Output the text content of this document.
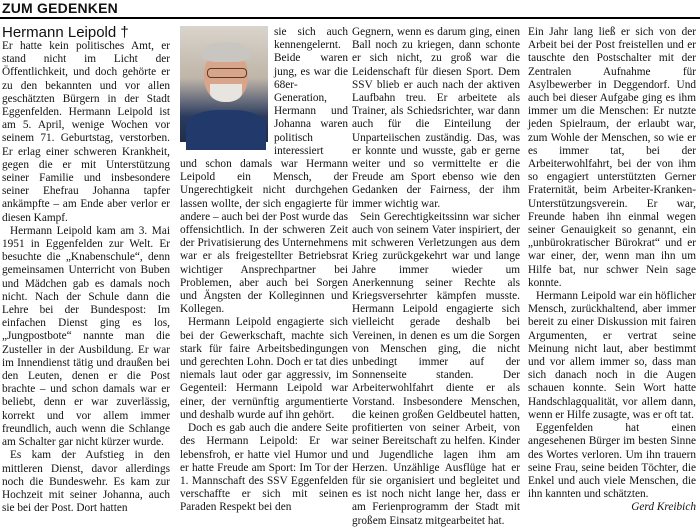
ZUM GEDENKEN
Hermann Leipold †

Er hatte kein politisches Amt, er stand nicht im Licht der Öffentlichkeit, und doch gehörte er zu den bekannten und vor allen geschätzten Bürgern in der Stadt Eggenfelden. Hermann Leipold ist am 5. April, wenige Wochen vor seinem 71. Geburtstag, verstorben. Er erlag einer schweren Krankheit, gegen die er mit Unterstützung seiner Familie und insbesondere seiner Ehefrau Johanna tapfer ankämpfte – am Ende aber verlor er diesen Kampf.

Hermann Leipold kam am 3. Mai 1951 in Eggenfelden zur Welt. Er besuchte die „Knabenschule“, denn gemeinsamen Unterricht von Buben und Mädchen gab es damals noch nicht. Nach der Schule dann die Lehre bei der Bundespost: Im einfachen Dienst ging es los, „Jungpostbote“ nannte man die Zusteller in der Ausbildung. Er war im Innendienst tätig und draußen bei den Leuten, denen er die Post brachte – und schon damals war er beliebt, denn er war zuverlässig, korrekt und vor allem immer freundlich, auch wenn die Schlange am Schalter gar nicht kürzer wurde.

Es kam der Aufstieg in den mittleren Dienst, davor allerdings noch die Bundeswehr. Es kam zur Hochzeit mit seiner Johanna, auch sie bei der Post. Dort hatten

sie sich auch kennengelernt. Beide waren jung, es war die 68er-Generation, Hermann und Johanna waren politisch interessiert

und schon damals war Hermann Leipold ein Mensch, der Ungerechtigkeit nicht durchgehen lassen wollte, der sich engagierte für andere – auch bei der Post wurde das offensichtlich. In der schweren Zeit der Privatisierung des Unternehmens war er als freigestellter Betriebsrat wichtiger Ansprechpartner bei Problemen, aber auch bei Sorgen und Ängsten der Kolleginnen und Kollegen.

Hermann Leipold engagierte sich bei der Gewerkschaft, machte sich stark für faire Arbeitsbedingungen und gerechten Lohn. Doch er tat dies niemals laut oder gar aggressiv, im Gegenteil: Hermann Leipold war einer, der vernünftig argumentierte und deshalb wurde auf ihn gehört.

Doch es gab auch die andere Seite des Hermann Leipold: Er war lebensfroh, er hatte viel Humor und er hatte Freude am Sport: Im Tor der 1. Mannschaft des SSV Eggenfelden verschaffte er sich mit seinen Paraden Respekt bei den

Gegnern, wenn es darum ging, einen Ball noch zu kriegen, dann schonte er sich nicht, zu groß war die Leidenschaft für diesen Sport. Dem SSV blieb er auch nach der aktiven Laufbahn treu. Er arbeitete als Trainer, als Schiedsrichter, war dann auch für die Einteilung der Unparteiischen zuständig. Das, was er konnte und wusste, gab er gerne weiter und so vermittelte er die Freude am Sport ebenso wie den Gedanken der Fairness, der ihm immer wichtig war.

Sein Gerechtigkeitssinn war sicher auch von seinem Vater inspiriert, der mit schweren Verletzungen aus dem Krieg zurückgekehrt war und lange Jahre immer wieder um Anerkennung seiner Rechte als Kriegsversehrter kämpfen musste. Hermann Leipold engagierte sich vielleicht gerade deshalb bei Vereinen, in denen es um die Sorgen von Menschen ging, die nicht unbedingt immer auf der Sonnenseite standen. Der Arbeiterwohlfahrt diente er als Vorstand. Insbesondere Menschen, die keinen großen Geldbeutel hatten, profitierten von seiner Arbeit, von seiner Bereitschaft zu helfen. Kinder und Jugendliche lagen ihm am Herzen. Unzählige Ausflüge hat er für sie organisiert und begleitet und es ist noch nicht lange her, dass er am Ferienprogramm der Stadt mit großem Einsatz mitgearbeitet hat.

Ein Jahr lang ließ er sich von der Arbeit bei der Post freistellen und er tauschte den Postschalter mit der Zentralen Aufnahme für Asylbewerber in Deggendorf. Und auch bei dieser Aufgabe ging es ihm immer um die Menschen: Er nutzte jeden Spielraum, der erlaubt war, zum Wohle der Menschen, so wie er es immer tat, bei der Arbeiterwohlfahrt, bei der von ihm so engagiert unterstützten Gerner Fraternität, beim Arbeiter-Kranken-Unterstützungsverein. Er war, Freunde haben ihn einmal wegen seiner Genauigkeit so genannt, ein „unbürokratischer Bürokrat“ und er war einer, der, wenn man ihn um Hilfe bat, nur schwer Nein sage konnte.

Hermann Leipold war ein höflicher Mensch, zurückhaltend, aber immer bereit zu einer Diskussion mit fairen Argumenten, er vertrat seine Meinung nicht laut, aber bestimmt und vor allem immer so, dass man sich danach noch in die Augen schauen konnte. Sein Wort hatte Handschlagqualität, vor allem dann, wenn er Hilfe zusagte, was er oft tat.

Eggenfelden hat einen angesehenen Bürger im besten Sinne des Wortes verloren. Um ihn trauern seine Frau, seine beiden Töchter, die Enkel und auch viele Menschen, die ihn kannten und schätzten.

Gerd Kreibich
